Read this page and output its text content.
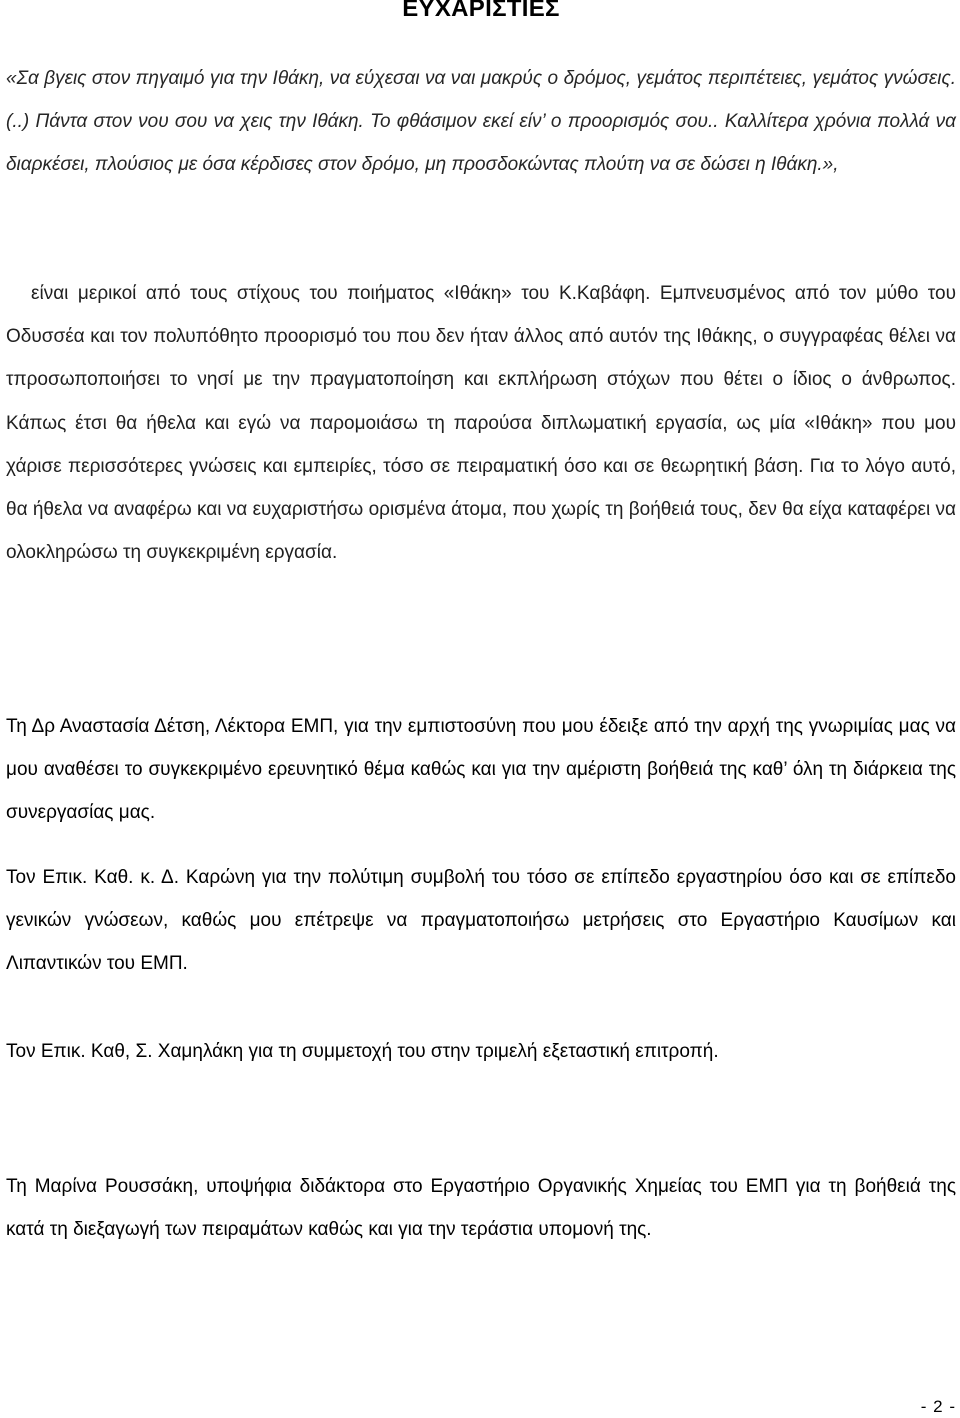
ΕΥΧΑΡΙΣΤΙΕΣ

«Σα βγεις στον πηγαιμό για την Ιθάκη, να εύχεσαι να ναι μακρύς ο δρόμος, γεμάτος περιπέτειες, γεμάτος γνώσεις.(..) Πάντα στον νου σου να χεις την Ιθάκη. Το φθάσιμον εκεί είν’ ο προορισμός σου.. Καλλίτερα χρόνια πολλά να διαρκέσει, πλούσιος με όσα κέρδισες στον δρόμο, μη προσδοκώντας πλούτη να σε δώσει η Ιθάκη.»,

είναι μερικοί από τους στίχους του ποιήματος «Ιθάκη» του Κ.Καβάφη. Εμπνευσμένος από τον μύθο του Οδυσσέα και τον πολυπόθητο προορισμό του που δεν ήταν άλλος από αυτόν της Ιθάκης, ο συγγραφέας θέλει να τπροσωποποιήσει το νησί με την πραγματοποίηση και εκπλήρωση στόχων που θέτει ο ίδιος ο άνθρωπος. Κάπως έτσι θα ήθελα και εγώ να παρομοιάσω τη παρούσα διπλωματική εργασία, ως μία «Ιθάκη» που μου χάρισε περισσότερες γνώσεις και εμπειρίες, τόσο σε πειραματική όσο και σε θεωρητική βάση. Για το λόγο αυτό, θα ήθελα να αναφέρω και να ευχαριστήσω ορισμένα άτομα, που χωρίς τη βοήθειά τους, δεν θα είχα καταφέρει να ολοκληρώσω τη συγκεκριμένη εργασία.

Τη Δρ Αναστασία Δέτση, Λέκτορα ΕΜΠ, για την εμπιστοσύνη που μου έδειξε από την αρχή της γνωριμίας μας να μου αναθέσει το συγκεκριμένο ερευνητικό θέμα καθώς και για την αμέριστη βοήθειά της καθ’ όλη τη διάρκεια της συνεργασίας μας.

Τον Επικ. Καθ. κ. Δ. Καρώνη για την πολύτιμη συμβολή του τόσο σε επίπεδο εργαστηρίου όσο και σε επίπεδο γενικών γνώσεων, καθώς μου επέτρεψε να πραγματοποιήσω μετρήσεις στο Εργαστήριο Καυσίμων και Λιπαντικών του ΕΜΠ.

Τον Επικ. Καθ, Σ. Χαμηλάκη για τη συμμετοχή του στην τριμελή εξεταστική επιτροπή.

Τη Μαρίνα Ρουσσάκη, υποψήφια διδάκτορα στο Εργαστήριο Οργανικής Χημείας του ΕΜΠ για τη βοήθειά της κατά τη διεξαγωγή των πειραμάτων καθώς και για την τεράστια υπομονή της.

- 2 -
